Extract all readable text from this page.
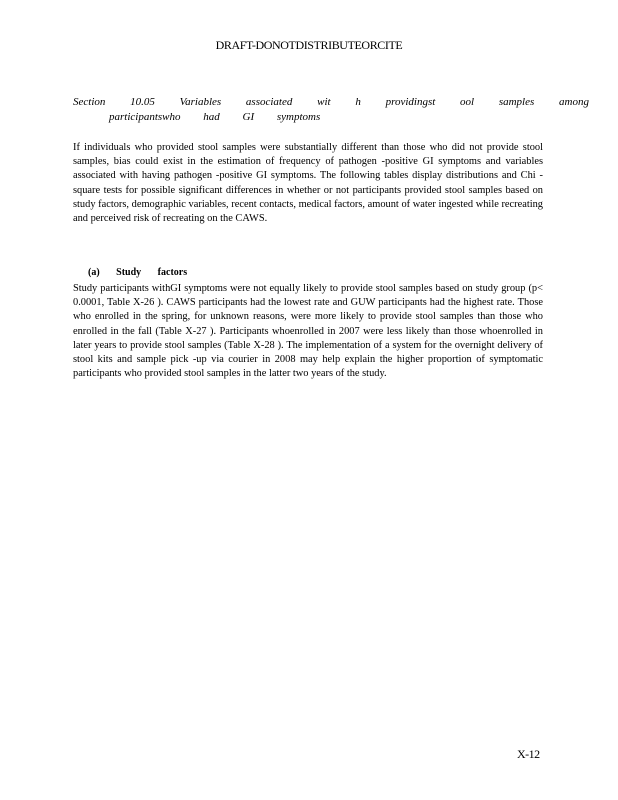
DRAFT-DONOTDISTRIBUTEORCITE
Section 10.05 Variables associated wit h providingst ool samples among
participantswho had GI symptoms

If individuals who provided stool samples were substantially different than those who did not provide stool samples, bias could exist in the estimation of frequency of pathogen -positive GI symptoms and variables associated with having pathogen -positive GI symptoms. The following tables display distributions and Chi -square tests for possible significant differences in whether or not participants provided stool samples based on study factors, demographic variables, recent contacts, medical factors, amount of water ingested while recreating and perceived risk of recreating on the CAWS.

(a) Study factors

Study participants withGI symptoms were not equally likely to provide stool samples based on study group (p< 0.0001, Table X-26 ). CAWS participants had the lowest rate and GUW participants had the highest rate. Those who enrolled in the spring, for unknown reasons, were more likely to provide stool samples than those who enrolled in the fall (Table X-27 ). Participants whoenrolled in 2007 were less likely than those whoenrolled in later years to provide stool samples (Table X-28 ). The implementation of a system for the overnight delivery of stool kits and sample pick -up via courier in 2008 may help explain the higher proportion of symptomatic participants who provided stool samples in the latter two years of the study.

X-12
